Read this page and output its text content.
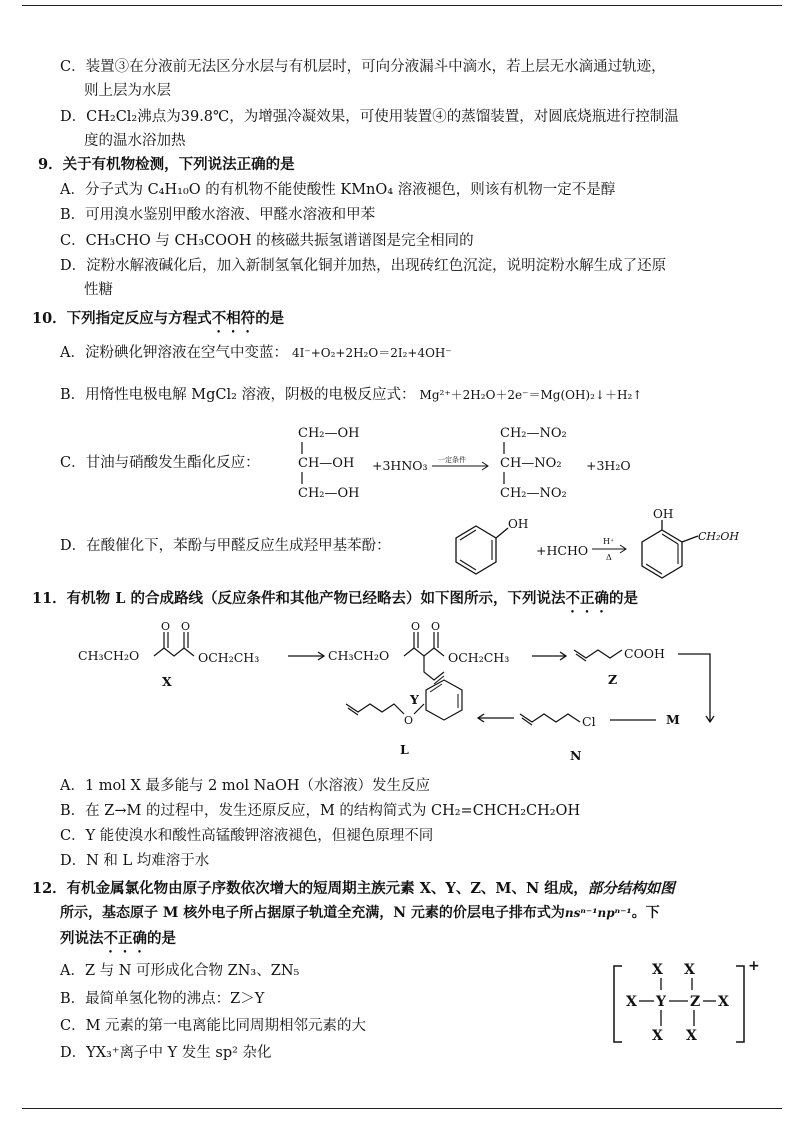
C．装置③在分液前无法区分水层与有机层时，可向分液漏斗中滴水，若上层无水滴通过轨迹，
则上层为水层
D．CH₂Cl₂沸点为39.8℃，为增强冷凝效果，可使用装置④的蒸馏装置，对圆底烧瓶进行控制温
度的温水浴加热
9．关于有机物检测，下列说法正确的是
A．分子式为 C₄H₁₀O 的有机物不能使酸性 KMnO₄ 溶液褪色，则该有机物一定不是醇
B．可用溴水鉴别甲酸水溶液、甲醛水溶液和甲苯
C．CH₃CHO 与 CH₃COOH 的核磁共振氢谱谱图是完全相同的
D．淀粉水解液碱化后，加入新制氢氧化铜并加热，出现砖红色沉淀，说明淀粉水解生成了还原
性糖
10．下列指定反应与方程式不相符的是
A．淀粉碘化钾溶液在空气中变蓝： 4I⁻+O₂+2H₂O＝2I₂+4OH⁻
B．用惰性电极电解 MgCl₂ 溶液，阴极的电极反应式： Mg²⁺＋2H₂O＋2e⁻＝Mg(OH)₂↓＋H₂↑
C．甘油与硝酸发生酯化反应：
CH₂—OH
CH—OH
CH₂—OH
+3HNO₃ 一定条件
CH₂—NO₂
CH—NO₂
CH₂—NO₂
+3H₂O
D．在酸催化下，苯酚与甲醛反应生成羟甲基苯酚：
OH
+HCHO
H⁺
Δ
OH
CH₂OH
11．有机物 L 的合成路线（反应条件和其他产物已经略去）如下图所示，下列说法不正确的是
CH₃CH₂O
O O
OCH₂CH₃
X
CH₃CH₂O
O O
OCH₂CH₃
Y
COOH
Z
M
Cl
N
O
L
A．1 mol X 最多能与 2 mol NaOH（水溶液）发生反应
B．在 Z→M 的过程中，发生还原反应，M 的结构简式为 CH₂=CHCH₂CH₂OH
C．Y 能使溴水和酸性高锰酸钾溶液褪色，但褪色原理不同
D．N 和 L 均难溶于水
12．有机金属氯化物由原子序数依次增大的短周期主族元素 X、Y、Z、M、N 组成，部分结构如图
所示，基态原子 M 核外电子所占据原子轨道全充满，N 元素的价层电子排布式为nsⁿ⁻¹npⁿ⁻¹。下
列说法不正确的是
A．Z 与 N 可形成化合物 ZN₃、ZN₅
B．最简单氢化物的沸点：Z＞Y
C．M 元素的第一电离能比同周期相邻元素的大
D．YX₃⁺离子中 Y 发生 sp² 杂化
+
X X
X Y Z X
X X
